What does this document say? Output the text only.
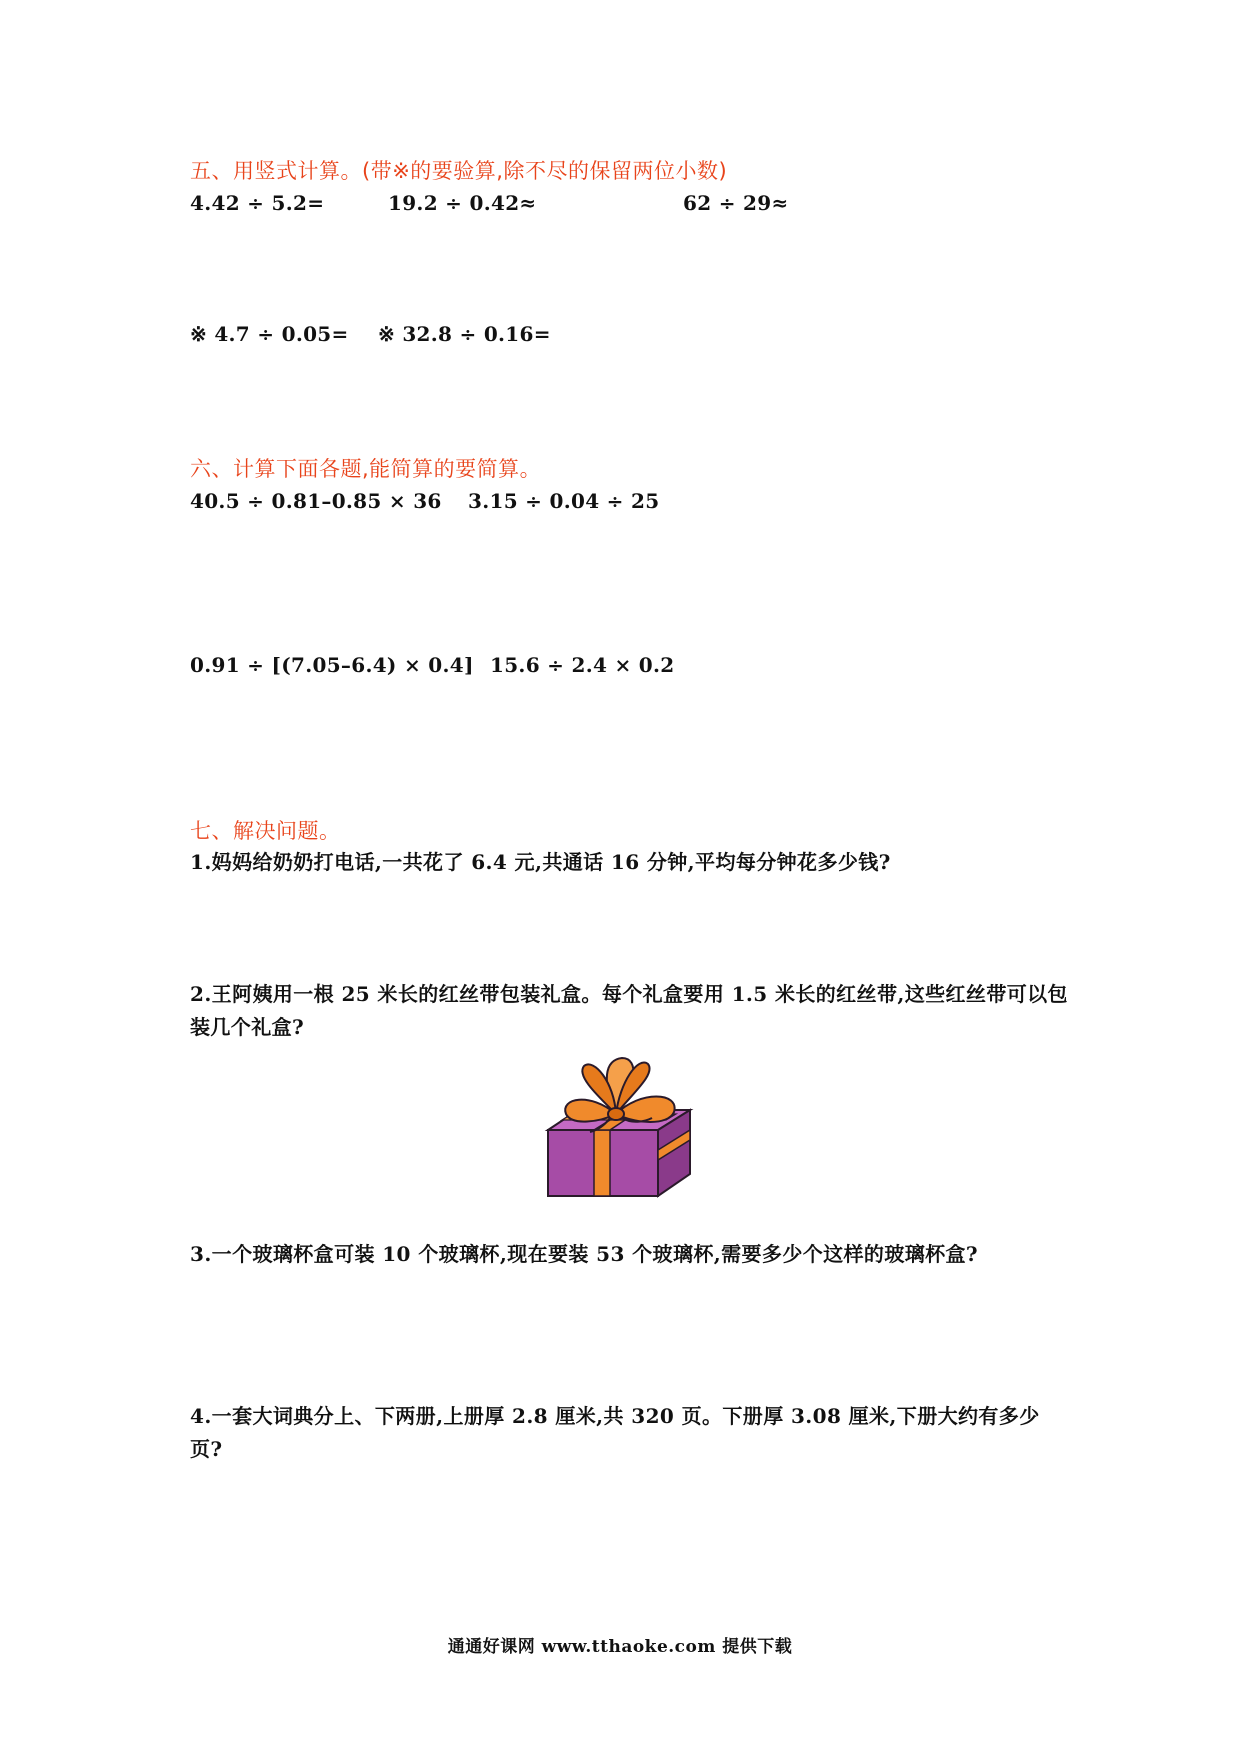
五、用竖式计算。(带※的要验算,除不尽的保留两位小数)
4.42 ÷ 5.2=	19.2 ÷ 0.42≈	62 ÷ 29≈
※ 4.7 ÷ 0.05= ※ 32.8 ÷ 0.16=
六、计算下面各题,能简算的要简算。
40.5 ÷ 0.81–0.85 × 36 3.15 ÷ 0.04 ÷ 25
0.91 ÷ [(7.05–6.4) × 0.4] 15.6 ÷ 2.4 × 0.2
七、解决问题。
1.妈妈给奶奶打电话,一共花了 6.4 元,共通话 16 分钟,平均每分钟花多少钱?
2.王阿姨用一根 25 米长的红丝带包装礼盒。每个礼盒要用 1.5 米长的红丝带,这些红丝带可以包装几个礼盒?
3.一个玻璃杯盒可装 10 个玻璃杯,现在要装 53 个玻璃杯,需要多少个这样的玻璃杯盒?
4.一套大词典分上、下两册,上册厚 2.8 厘米,共 320 页。下册厚 3.08 厘米,下册大约有多少页?
通通好课网 www.tthaoke.com 提供下载
